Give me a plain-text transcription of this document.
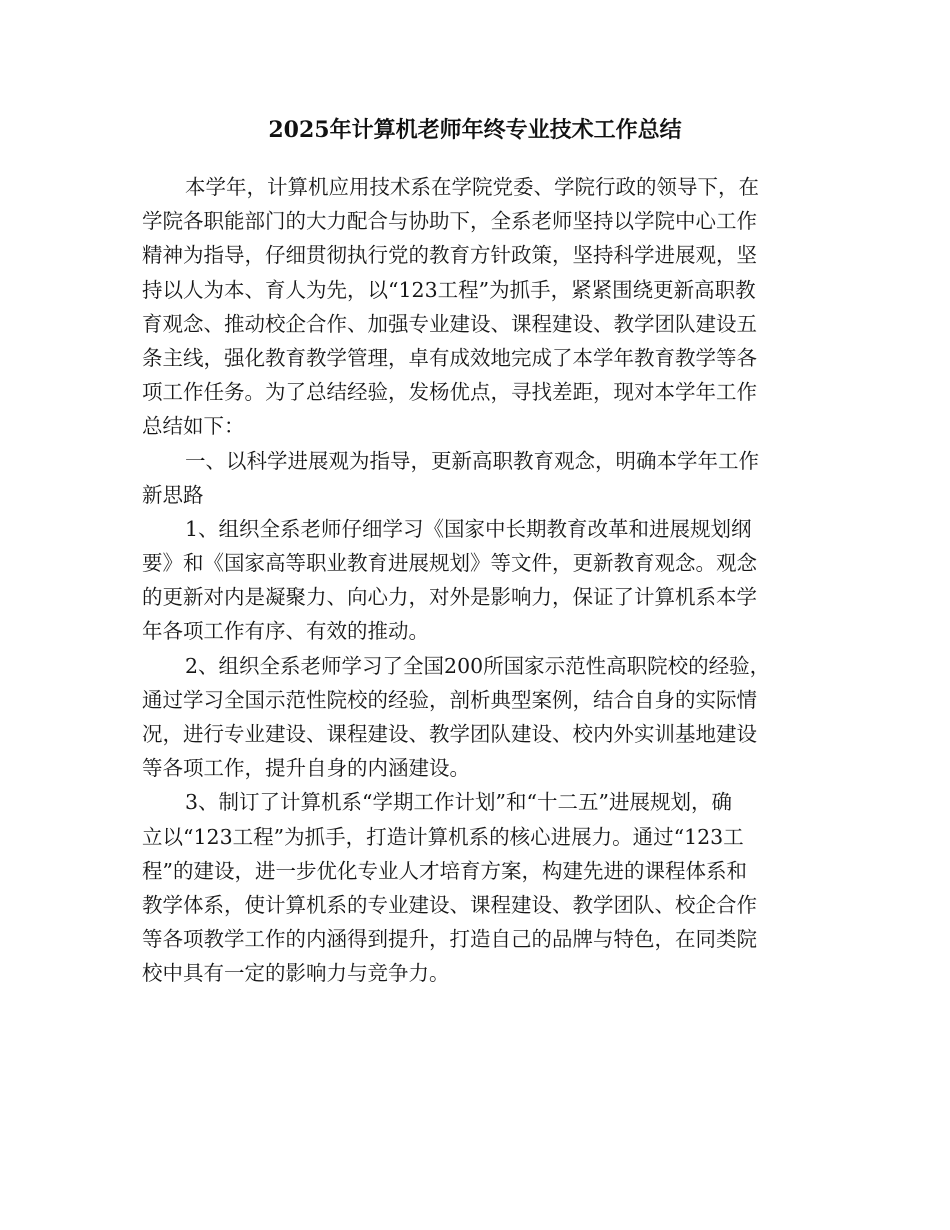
2025年计算机老师年终专业技术工作总结
本学年，计算机应用技术系在学院党委、学院行政的领导下，在
学院各职能部门的大力配合与协助下，全系老师坚持以学院中心工作
精神为指导，仔细贯彻执行党的教育方针政策，坚持科学进展观，坚
持以人为本、育人为先，以“123工程”为抓手，紧紧围绕更新高职教
育观念、推动校企合作、加强专业建设、课程建设、教学团队建设五
条主线，强化教育教学管理，卓有成效地完成了本学年教育教学等各
项工作任务。为了总结经验，发杨优点，寻找差距，现对本学年工作
总结如下：
一、以科学进展观为指导，更新高职教育观念，明确本学年工作
新思路
1、组织全系老师仔细学习《国家中长期教育改革和进展规划纲
要》和《国家高等职业教育进展规划》等文件，更新教育观念。观念
的更新对内是凝聚力、向心力，对外是影响力，保证了计算机系本学
年各项工作有序、有效的推动。
2、组织全系老师学习了全国200所国家示范性高职院校的经验，
通过学习全国示范性院校的经验，剖析典型案例，结合自身的实际情
况，进行专业建设、课程建设、教学团队建设、校内外实训基地建设
等各项工作，提升自身的内涵建设。
3、制订了计算机系“学期工作计划”和“十二五”进展规划，确
立以“123工程”为抓手，打造计算机系的核心进展力。通过“123工
程”的建设，进一步优化专业人才培育方案，构建先进的课程体系和
教学体系，使计算机系的专业建设、课程建设、教学团队、校企合作
等各项教学工作的内涵得到提升，打造自己的品牌与特色，在同类院
校中具有一定的影响力与竞争力。
